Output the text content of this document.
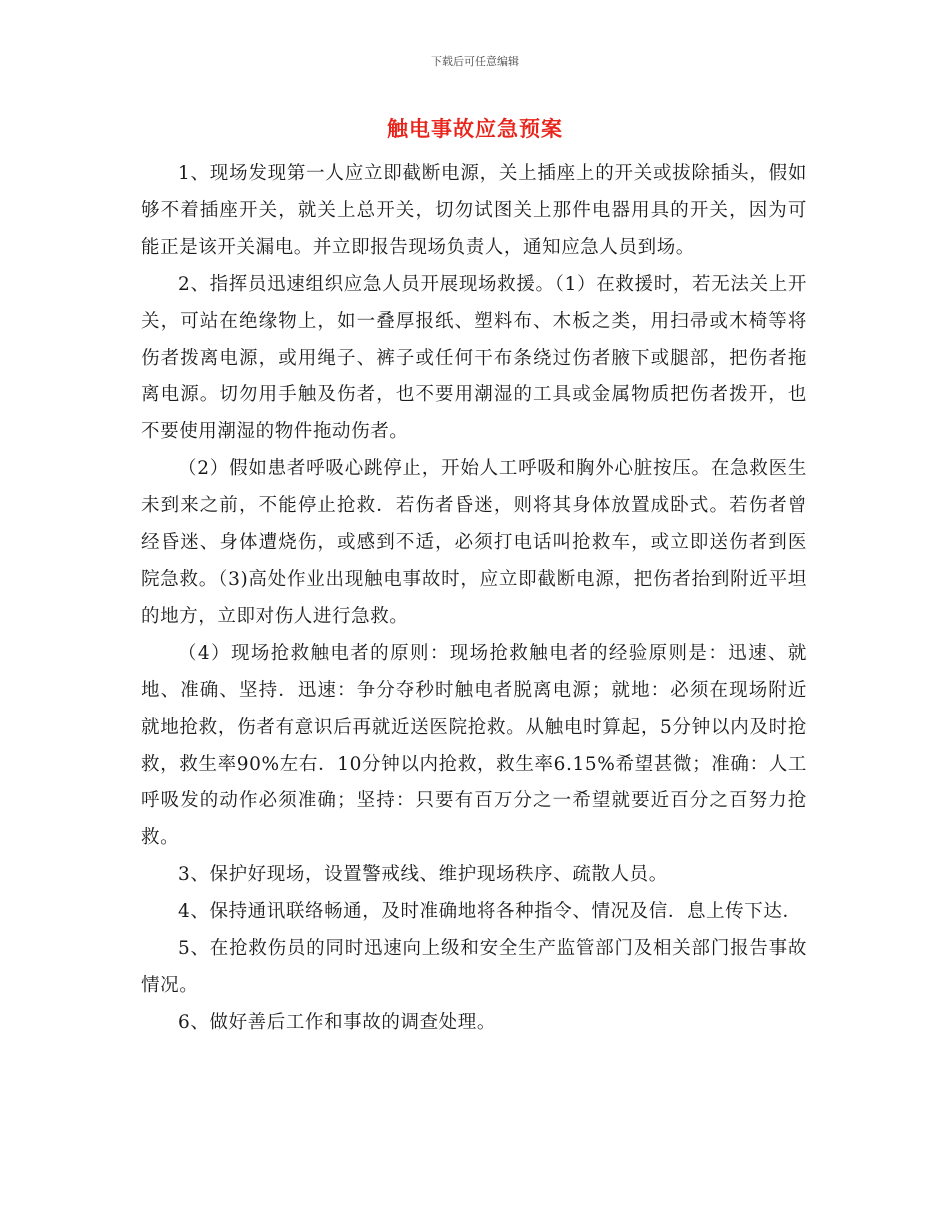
下载后可任意编辑
触电事故应急预案

1、现场发现第一人应立即截断电源，关上插座上的开关或拔除插头，假如够不着插座开关，就关上总开关，切勿试图关上那件电器用具的开关，因为可能正是该开关漏电。并立即报告现场负责人，通知应急人员到场。

2、指挥员迅速组织应急人员开展现场救援。（1）在救援时，若无法关上开关，可站在绝缘物上，如一叠厚报纸、塑料布、木板之类，用扫帚或木椅等将伤者拨离电源，或用绳子、裤子或任何干布条绕过伤者腋下或腿部，把伤者拖离电源。切勿用手触及伤者，也不要用潮湿的工具或金属物质把伤者拨开，也不要使用潮湿的物件拖动伤者。

（2）假如患者呼吸心跳停止，开始人工呼吸和胸外心脏按压。在急救医生未到来之前，不能停止抢救．若伤者昏迷，则将其身体放置成卧式。若伤者曾经昏迷、身体遭烧伤，或感到不适，必须打电话叫抢救车，或立即送伤者到医院急救。（3)高处作业出现触电事故时，应立即截断电源，把伤者抬到附近平坦的地方，立即对伤人进行急救。

（4）现场抢救触电者的原则：现场抢救触电者的经验原则是：迅速、就地、准确、坚持．迅速：争分夺秒时触电者脱离电源；就地：必须在现场附近就地抢救，伤者有意识后再就近送医院抢救。从触电时算起，5分钟以内及时抢救，救生率90%左右．10分钟以内抢救，救生率6.15%希望甚微；准确：人工呼吸发的动作必须准确；坚持：只要有百万分之一希望就要近百分之百努力抢救。

3、保护好现场，设置警戒线、维护现场秩序、疏散人员。

4、保持通讯联络畅通，及时准确地将各种指令、情况及信．息上传下达．

5、在抢救伤员的同时迅速向上级和安全生产监管部门及相关部门报告事故情况。

6、做好善后工作和事故的调查处理。
